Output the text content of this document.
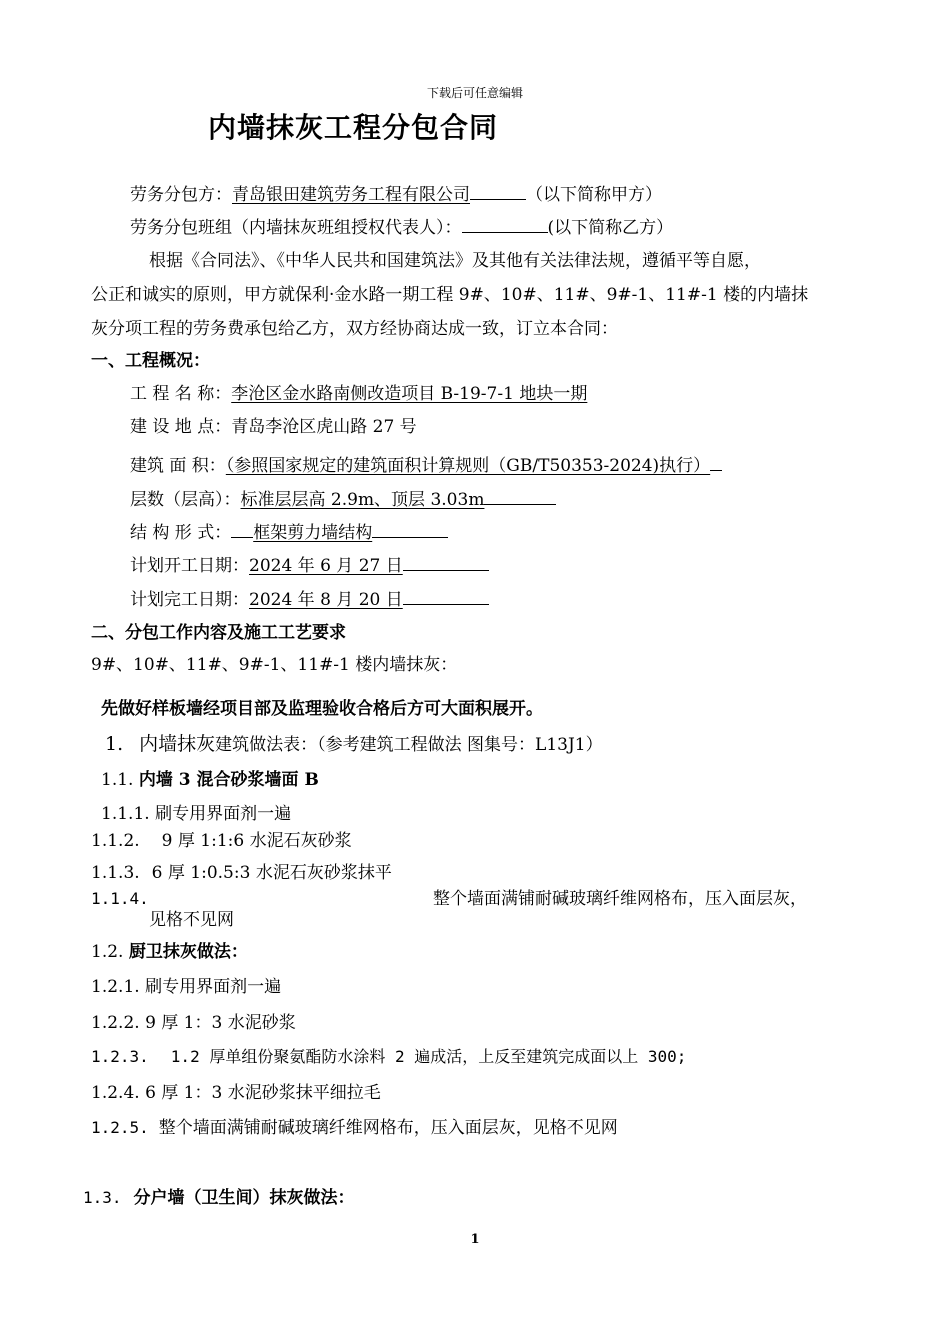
下载后可任意编辑
内墙抹灰工程分包合同
劳务分包方：青岛银田建筑劳务工程有限公司	（以下简称甲方）
劳务分包班组（内墙抹灰班组授权代表人）：	(以下简称乙方）
根据《合同法》、《中华人民共和国建筑法》及其他有关法律法规，遵循平等自愿，
公正和诚实的原则，甲方就保利·金水路一期工程 9#、10#、11#、9#-1、11#-1 楼的内墙抹
灰分项工程的劳务费承包给乙方，双方经协商达成一致，订立本合同：
一、工程概况：
工 程 名 称：李沧区金水路南侧改造项目 B-19-7-1 地块一期
建 设 地 点：青岛李沧区虎山路 27 号
建筑 面 积：（参照国家规定的建筑面积计算规则（GB/T50353-2024)执行）
层数（层高）：标准层层高 2.9m、顶层 3.03m
结 构 形 式： 框架剪力墙结构
计划开工日期：2024 年 6 月 27 日
计划完工日期：2024 年 8 月 20 日
二、分包工作内容及施工工艺要求
9#、10#、11#、9#-1、11#-1 楼内墙抹灰：
先做好样板墙经项目部及监理验收合格后方可大面积展开。
1. 内墙抹灰建筑做法表：（参考建筑工程做法 图集号：L13J1）
1.1. 内墙 3 混合砂浆墙面 B
1.1.1. 刷专用界面剂一遍
1.1.2. 9 厚 1:1:6 水泥石灰砂浆
1.1.3. 6 厚 1:0.5:3 水泥石灰砂浆抹平
1.1.4.	整个墙面满铺耐碱玻璃纤维网格布，压入面层灰，
见格不见网
1.2. 厨卫抹灰做法：
1.2.1. 刷专用界面剂一遍
1.2.2. 9 厚 1：3 水泥砂浆
1.2.3. 1.2 厚单组份聚氨酯防水涂料 2 遍成活，上反至建筑完成面以上 300;
1.2.4. 6 厚 1：3 水泥砂浆抹平细拉毛
1.2.5. 整个墙面满铺耐碱玻璃纤维网格布，压入面层灰，见格不见网
1.3. 分户墙（卫生间）抹灰做法：
1
